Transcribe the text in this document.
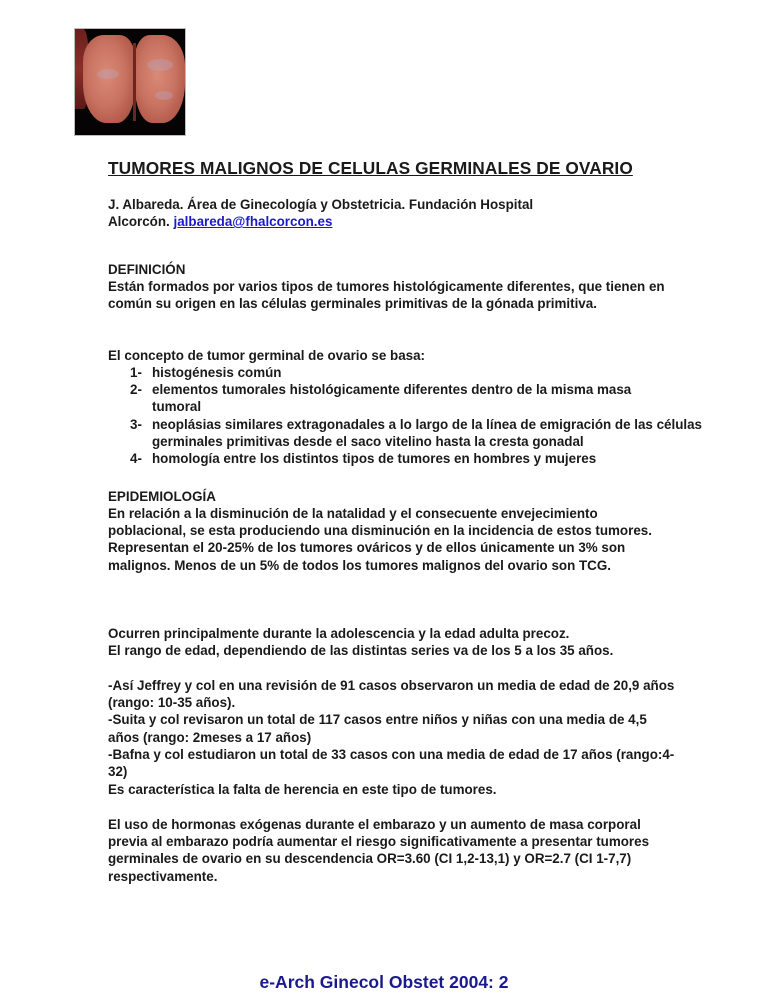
TUMORES MALIGNOS DE CELULAS GERMINALES DE OVARIO

J. Albareda. Área de Ginecología y Obstetricia. Fundación Hospital

Alcorcón. jalbareda@fhalcorcon.es

DEFINICIÓN
Están formados por varios tipos de tumores histológicamente diferentes, que tienen en común su origen en las células germinales primitivas de la gónada primitiva.
El concepto de tumor germinal de ovario se basa:
1- histogénesis común
2- elementos tumorales histológicamente diferentes dentro de la misma masa tumoral
3- neoplásias similares extragonadales a lo largo de la línea de emigración de las células germinales primitivas desde el saco vitelino hasta la cresta gonadal
4- homología entre los distintos tipos de tumores en hombres y mujeres
EPIDEMIOLOGÍA

En relación a la disminución de la natalidad y el consecuente envejecimiento poblacional, se esta produciendo una disminución en la incidencia de estos tumores.

Representan el 20-25% de los tumores ováricos y de ellos únicamente un 3% son malignos. Menos de un 5% de todos los tumores malignos del ovario son TCG.

Ocurren principalmente durante la adolescencia y la edad adulta precoz.

El rango de edad, dependiendo de las distintas series va de los 5 a los 35 años.

-Así Jeffrey y col en una revisión de 91 casos observaron un media de edad de 20,9 años (rango: 10-35 años).

-Suita y col revisaron un total de 117 casos entre niños y niñas con una media de 4,5 años (rango: 2meses a 17 años)

-Bafna y col estudiaron un total de 33 casos con una media de edad de 17 años (rango:4-32)

Es característica la falta de herencia en este tipo de tumores.
El uso de hormonas exógenas durante el embarazo y un aumento de masa corporal previa al embarazo podría aumentar el riesgo significativamente a presentar tumores germinales de ovario en su descendencia OR=3.60 (CI 1,2-13,1) y OR=2.7 (CI 1-7,7) respectivamente.
e-Arch Ginecol Obstet 2004: 2
